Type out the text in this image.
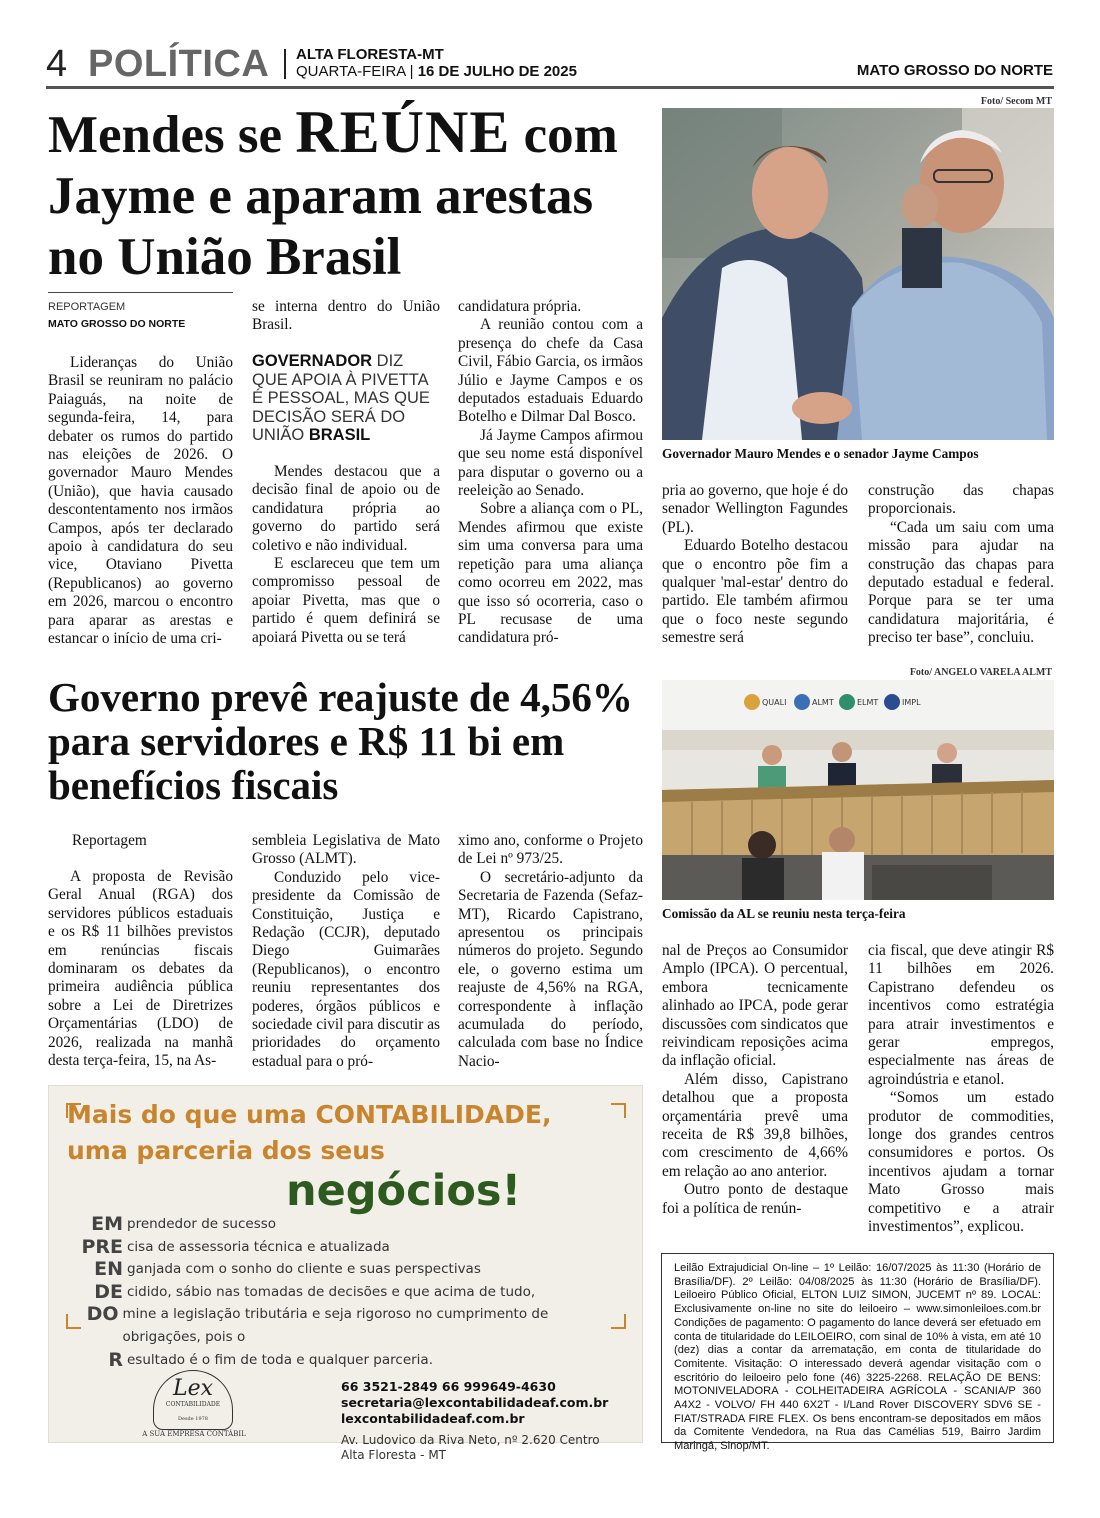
4 POLÍTICA ALTA FLORESTA-MT
QUARTA-FEIRA | 16 DE JULHO DE 2025	MATO GROSSO DO NORTE
Mendes se REÚNE com Jayme e aparam arestas no União Brasil
REPORTAGEM
MATO GROSSO DO NORTE

Lideranças do União Brasil se reuniram no palácio Paiaguás, na noite de segunda-feira, 14, para debater os rumos do partido nas eleições de 2026. O governador Mauro Mendes (União), que havia causado descontentamento nos irmãos Campos, após ter declarado apoio à candidatura do seu vice, Otaviano Pivetta (Republicanos) ao governo em 2026, marcou o encontro para aparar as arestas e estancar o início de uma cri-

se interna dentro do União Brasil.

GOVERNADOR DIZ QUE APOIA À PIVETTA É PESSOAL, MAS QUE DECISÃO SERÁ DO UNIÃO BRASIL

Mendes destacou que a decisão final de apoio ou de candidatura própria ao governo do partido será coletivo e não individual.

E esclareceu que tem um compromisso pessoal de apoiar Pivetta, mas que o partido é quem definirá se apoiará Pivetta ou se terá

candidatura própria.

A reunião contou com a presença do chefe da Casa Civil, Fábio Garcia, os irmãos Júlio e Jayme Campos e os deputados estaduais Eduardo Botelho e Dilmar Dal Bosco.

Já Jayme Campos afirmou que seu nome está disponível para disputar o governo ou a reeleição ao Senado.

Sobre a aliança com o PL, Mendes afirmou que existe sim uma conversa para uma repetição para uma aliança como ocorreu em 2022, mas que isso só ocorreria, caso o PL recusase de uma candidatura pró-

Foto/ Secom MT
Governador Mauro Mendes e o senador Jayme Campos

pria ao governo, que hoje é do senador Wellington Fagundes (PL).

Eduardo Botelho destacou que o encontro põe fim a qualquer 'mal-estar' dentro do partido. Ele também afirmou que o foco neste segundo semestre será

construção das chapas proporcionais.

“Cada um saiu com uma missão para ajudar na construção das chapas para deputado estadual e federal. Porque para se ter uma candidatura majoritária, é preciso ter base”, concluiu.

Governo prevê reajuste de 4,56% para servidores e R$ 11 bi em benefícios fiscais

Reportagem

A proposta de Revisão Geral Anual (RGA) dos servidores públicos estaduais e os R$ 11 bilhões previstos em renúncias fiscais dominaram os debates da primeira audiência pública sobre a Lei de Diretrizes Orçamentárias (LDO) de 2026, realizada na manhã desta terça-feira, 15, na As-

sembleia Legislativa de Mato Grosso (ALMT).

Conduzido pelo vice-presidente da Comissão de Constituição, Justiça e Redação (CCJR), deputado Diego Guimarães (Republicanos), o encontro reuniu representantes dos poderes, órgãos públicos e sociedade civil para discutir as prioridades do orçamento estadual para o pró-

ximo ano, conforme o Projeto de Lei nº 973/25.

O secretário-adjunto da Secretaria de Fazenda (Sefaz-MT), Ricardo Capistrano, apresentou os principais números do projeto. Segundo ele, o governo estima um reajuste de 4,56% na RGA, correspondente à inflação acumulada do período, calculada com base no Índice Nacio-

Foto/ ANGELO VARELA ALMT
QUALI	ALMT	ELMT	IMPL
Comissão da AL se reuniu nesta terça-feira

nal de Preços ao Consumidor Amplo (IPCA). O percentual, embora tecnicamente alinhado ao IPCA, pode gerar discussões com sindicatos que reivindicam reposições acima da inflação oficial.

Além disso, Capistrano detalhou que a proposta orçamentária prevê uma receita de R$ 39,8 bilhões, com crescimento de 4,66% em relação ao ano anterior.

Outro ponto de destaque foi a política de renún-

cia fiscal, que deve atingir R$ 11 bilhões em 2026. Capistrano defendeu os incentivos como estratégia para atrair investimentos e gerar empregos, especialmente nas áreas de agroindústria e etanol.

“Somos um estado produtor de commodities, longe dos grandes centros consumidores e portos. Os incentivos ajudam a tornar Mato Grosso mais competitivo e a atrair investimentos”, explicou.

Mais do que uma CONTABILIDADE,
uma parceria dos seus
negócios!
EM prendedor de sucesso
PRE cisa de assessoria técnica e atualizada
EN ganjada com o sonho do cliente e suas perspectivas
DE cidido, sábio nas tomadas de decisões e que acima de tudo,
DO mine a legislação tributária e seja rigoroso no cumprimento de obrigações, pois o
R esultado é o fim de toda e qualquer parceria.
Lex
CONTABILIDADE
Desde 1978
A SUA EMPRESA CONTÁBIL
66 3521-2849 66 999649-4630
secretaria@lexcontabilidadeaf.com.br
lexcontabilidadeaf.com.br
Av. Ludovico da Riva Neto, nº 2.620 Centro
Alta Floresta - MT

Leilão Extrajudicial On-line – 1º Leilão: 16/07/2025 às 11:30 (Horário de Brasília/DF). 2º Leilão: 04/08/2025 às 11:30 (Horário de Brasília/DF). Leiloeiro Público Oficial, ELTON LUIZ SIMON, JUCEMT nº 89. LOCAL: Exclusivamente on-line no site do leiloeiro – www.simonleiloes.com.br Condições de pagamento: O pagamento do lance deverá ser efetuado em conta de titularidade do LEILOEIRO, com sinal de 10% à vista, em até 10 (dez) dias a contar da arrematação, em conta de titularidade do Comitente. Visitação: O interessado deverá agendar visitação com o escritório do leiloeiro pelo fone (46) 3225-2268. RELAÇÃO DE BENS: MOTONIVELADORA - COLHEITADEIRA AGRÍCOLA - SCANIA/P 360 A4X2 - VOLVO/ FH 440 6X2T - I/Land Rover DISCOVERY SDV6 SE - FIAT/STRADA FIRE FLEX. Os bens encontram-se depositados em mãos da Comitente Vendedora, na Rua das Camélias 519, Bairro Jardim Maringá, Sinop/MT.
